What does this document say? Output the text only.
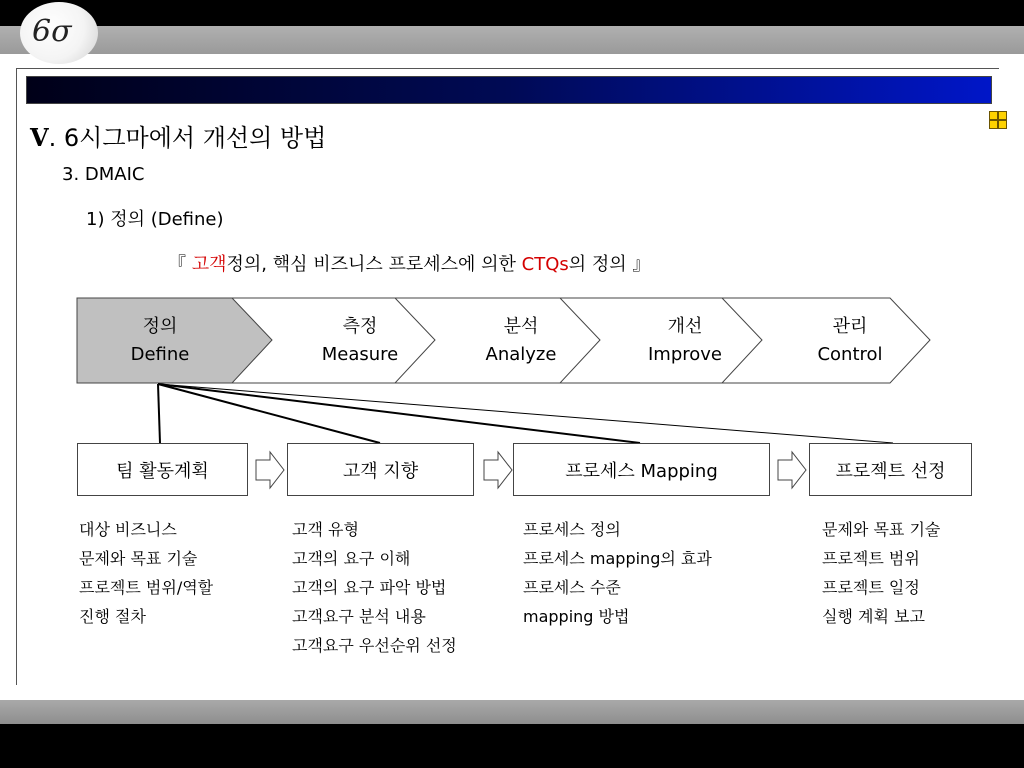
6σ
Ⅴ. 6시그마에서 개선의 방법
3. DMAIC
1) 정의 (Define)
『 고객정의, 핵심 비즈니스 프로세스에 의한 CTQs의 정의 』
정의
Define
측정
Measure
분석
Analyze
개선
Improve
관리
Control
팀 활동계획	고객 지향	프로세스 Mapping	프로젝트 선정
대상 비즈니스
문제와 목표 기술
프로젝트 범위/역할
진행 절차
고객 유형
고객의 요구 이해
고객의 요구 파악 방법
고객요구 분석 내용
고객요구 우선순위 선정
프로세스 정의
프로세스 mapping의 효과
프로세스 수준
mapping 방법
문제와 목표 기술
프로젝트 범위
프로젝트 일정
실행 계획 보고
